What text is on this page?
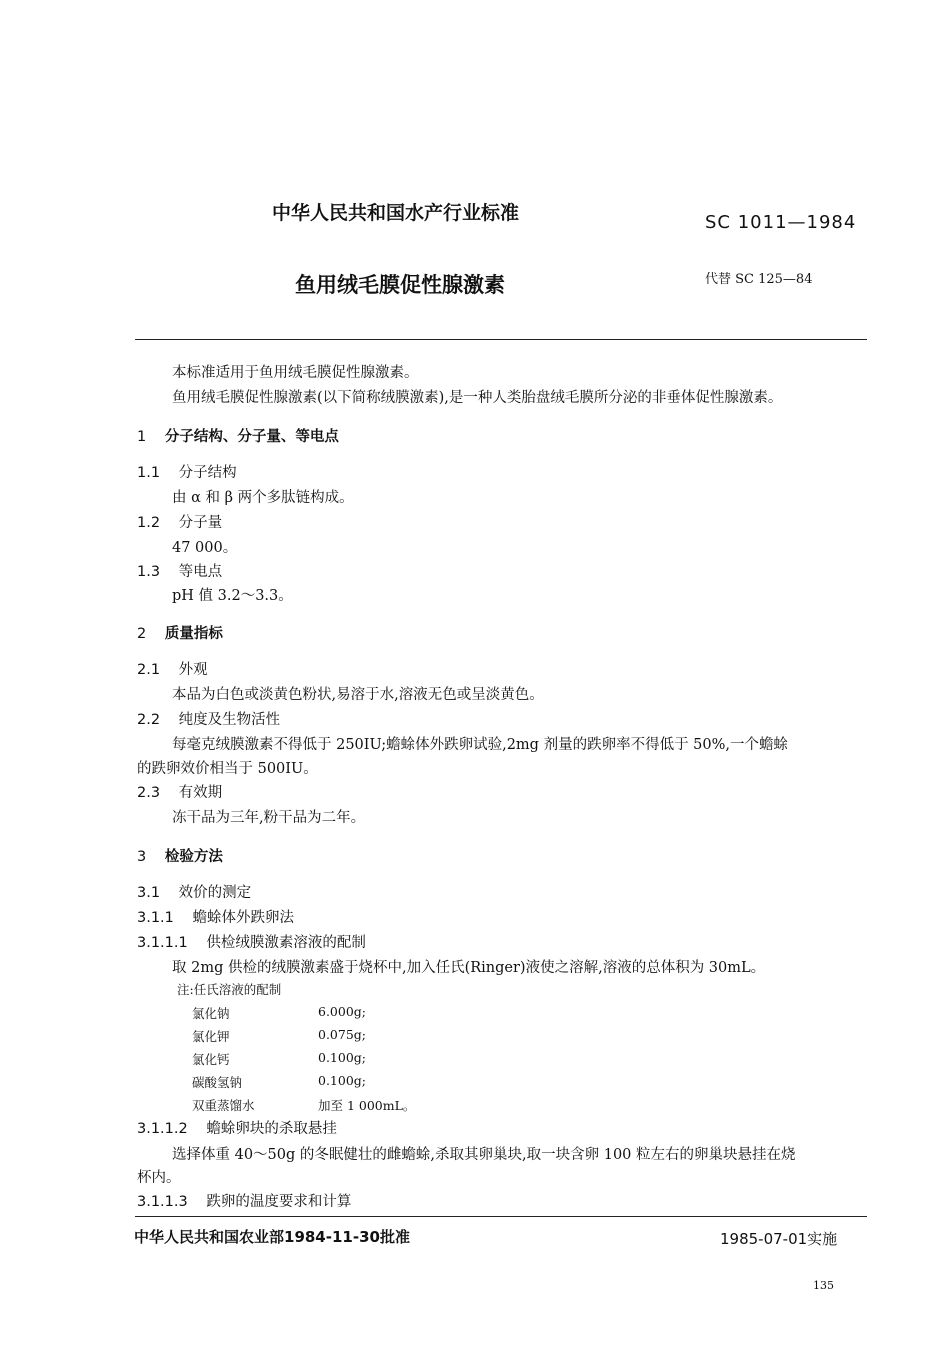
中华人民共和国水产行业标准	SC 1011—1984
鱼用绒毛膜促性腺激素	代替 SC 125—84
本标准适用于鱼用绒毛膜促性腺激素。
鱼用绒毛膜促性腺激素(以下简称绒膜激素),是一种人类胎盘绒毛膜所分泌的非垂体促性腺激素。
1 分子结构、分子量、等电点
1.1 分子结构
由 α 和 β 两个多肽链构成。
1.2 分子量
47 000。
1.3 等电点
pH 值 3.2～3.3。
2 质量指标
2.1 外观
本品为白色或淡黄色粉状,易溶于水,溶液无色或呈淡黄色。
2.2 纯度及生物活性
每毫克绒膜激素不得低于 250IU;蟾蜍体外跌卵试验,2mg 剂量的跌卵率不得低于 50%,一个蟾蜍
的跌卵效价相当于 500IU。
2.3 有效期
冻干品为三年,粉干品为二年。
3 检验方法
3.1 效价的测定
3.1.1 蟾蜍体外跌卵法
3.1.1.1 供检绒膜激素溶液的配制
取 2mg 供检的绒膜激素盛于烧杯中,加入任氏(Ringer)液使之溶解,溶液的总体积为 30mL。
注:任氏溶液的配制
氯化钠	6.000g;
氯化钾	0.075g;
氯化钙	0.100g;
碳酸氢钠	0.100g;
双重蒸馏水	加至 1 000mL。
3.1.1.2 蟾蜍卵块的杀取悬挂
选择体重 40～50g 的冬眠健壮的雌蟾蜍,杀取其卵巢块,取一块含卵 100 粒左右的卵巢块悬挂在烧
杯内。
3.1.1.3 跌卵的温度要求和计算
中华人民共和国农业部1984-11-30批准	1985-07-01实施
135
